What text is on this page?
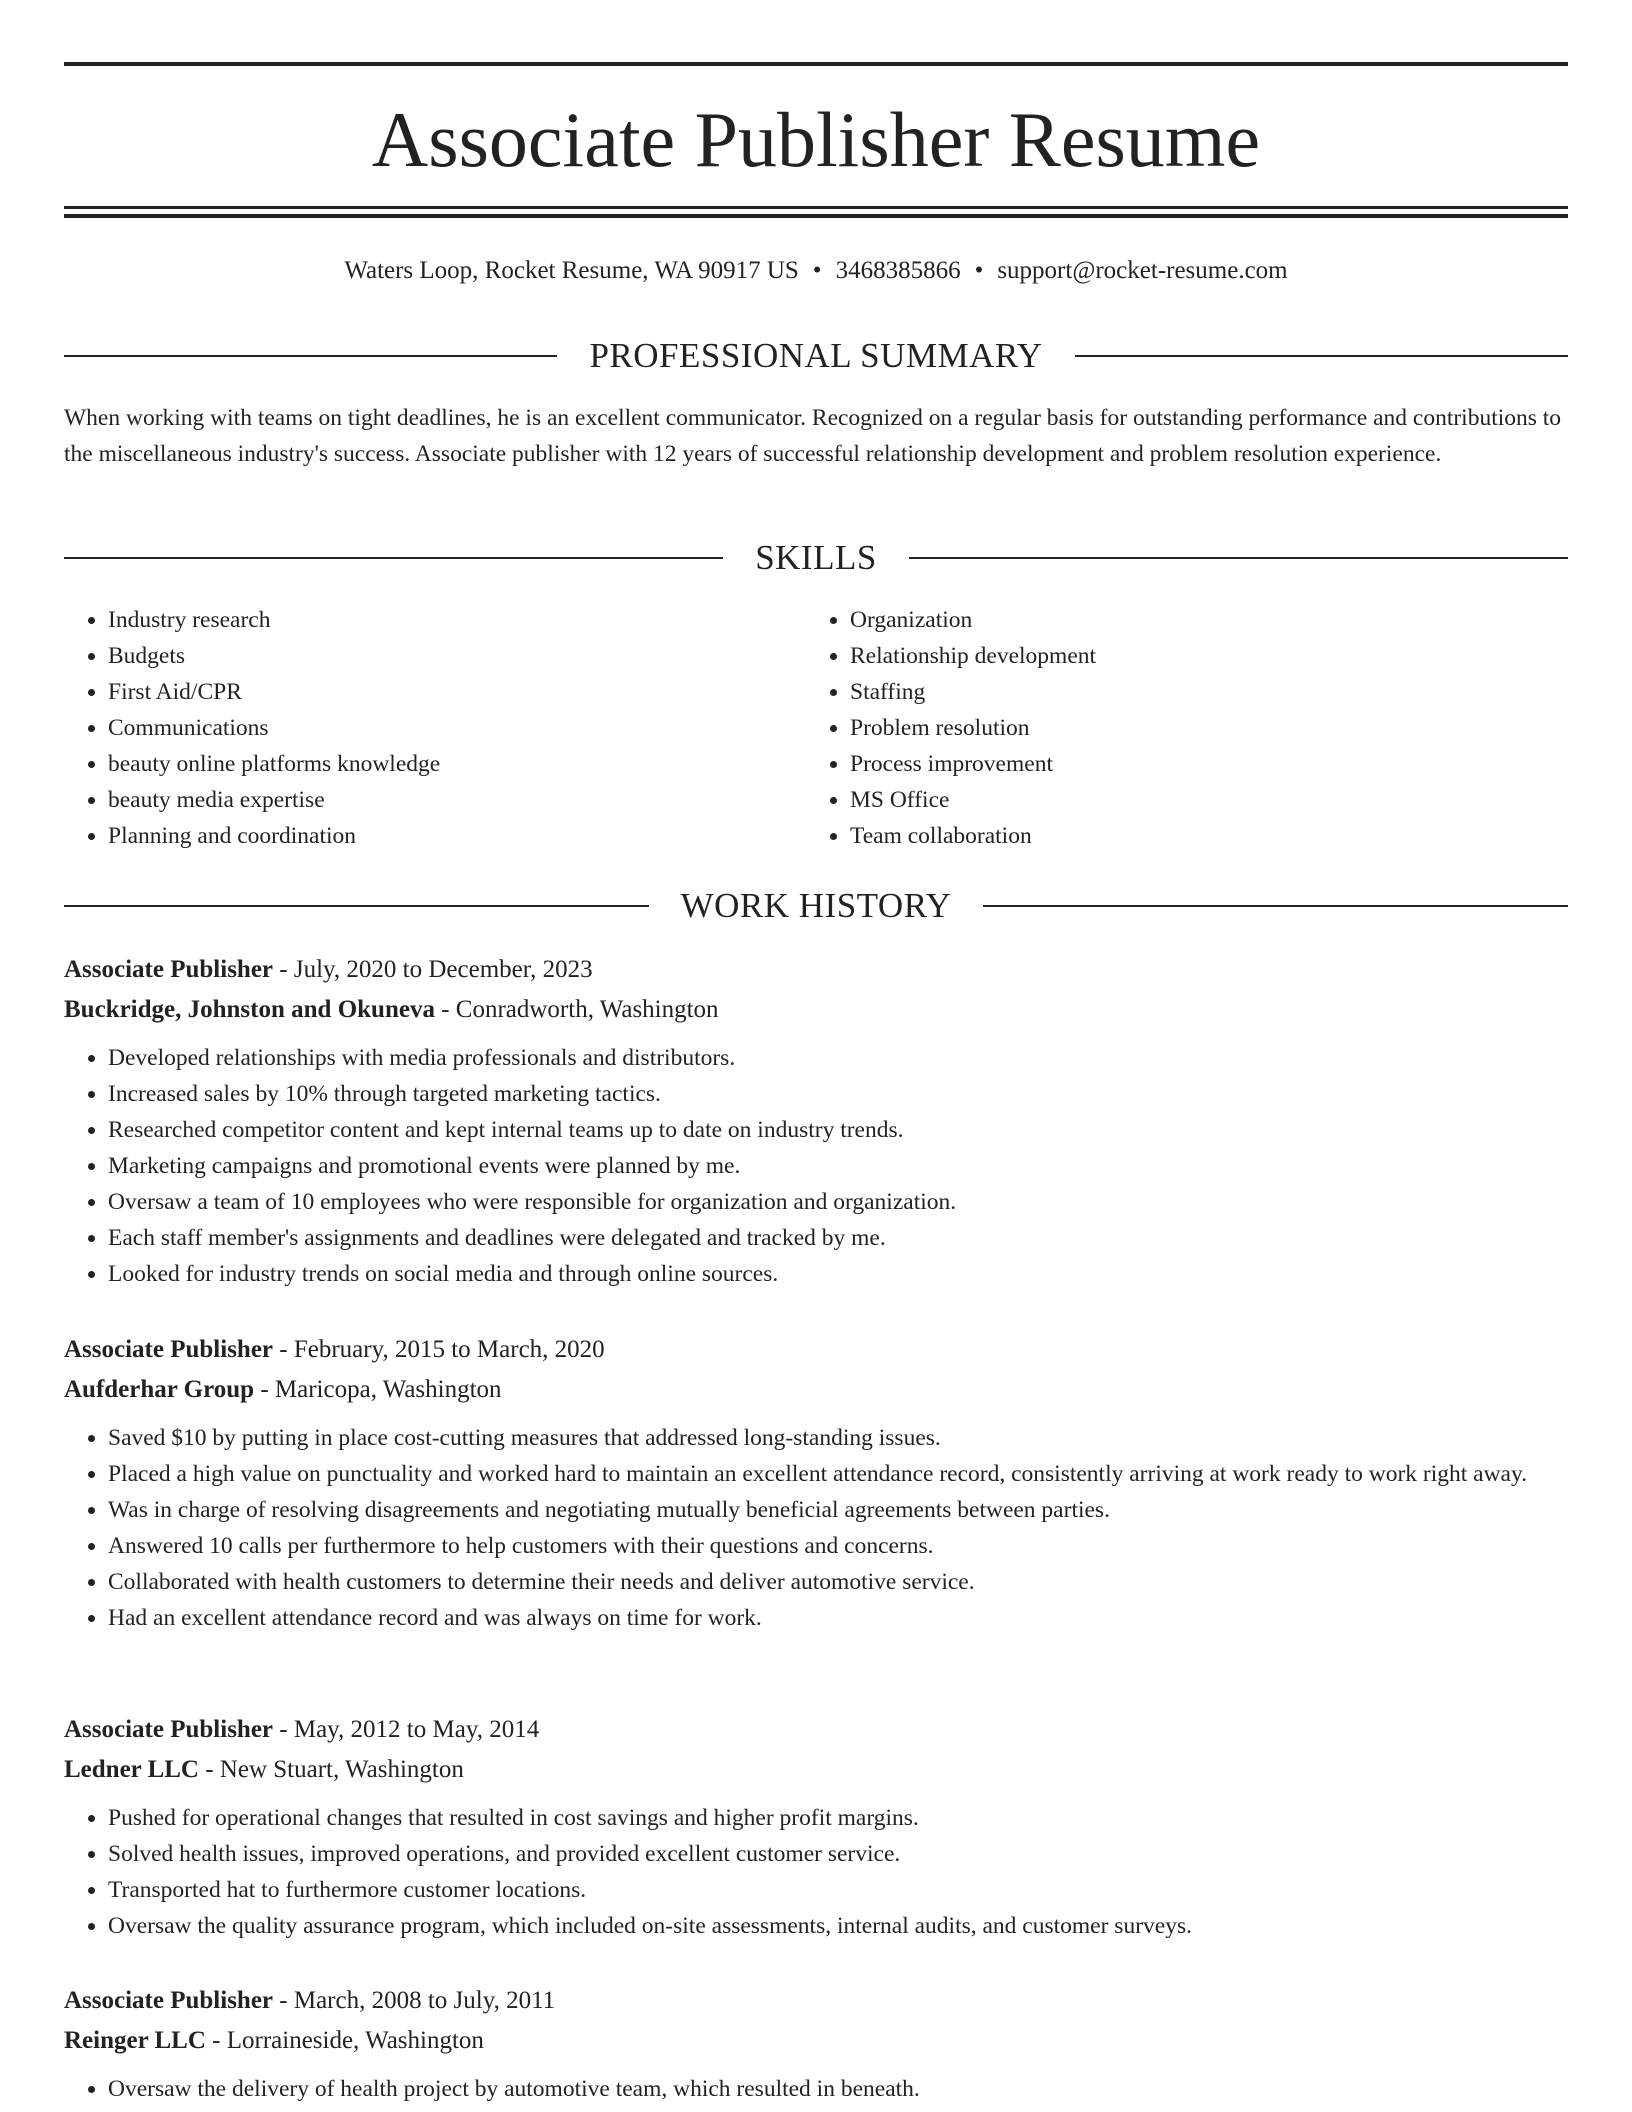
Associate Publisher Resume
Waters Loop, Rocket Resume, WA 90917 US • 3468385866 • support@rocket-resume.com
PROFESSIONAL SUMMARY

When working with teams on tight deadlines, he is an excellent communicator. Recognized on a regular basis for outstanding performance and contributions to the miscellaneous industry's success. Associate publisher with 12 years of successful relationship development and problem resolution experience.

SKILLS
• Industry research
• Budgets
• First Aid/CPR
• Communications
• beauty online platforms knowledge
• beauty media expertise
• Planning and coordination
• Organization
• Relationship development
• Staffing
• Problem resolution
• Process improvement
• MS Office
• Team collaboration
WORK HISTORY

Associate Publisher - July, 2020 to December, 2023

Buckridge, Johnston and Okuneva - Conradworth, Washington

• Developed relationships with media professionals and distributors.
• Increased sales by 10% through targeted marketing tactics.
• Researched competitor content and kept internal teams up to date on industry trends.
• Marketing campaigns and promotional events were planned by me.
• Oversaw a team of 10 employees who were responsible for organization and organization.
• Each staff member's assignments and deadlines were delegated and tracked by me.
• Looked for industry trends on social media and through online sources.

Associate Publisher - February, 2015 to March, 2020

Aufderhar Group - Maricopa, Washington

• Saved $10 by putting in place cost-cutting measures that addressed long-standing issues.
• Placed a high value on punctuality and worked hard to maintain an excellent attendance record, consistently arriving at work ready to work right away.
• Was in charge of resolving disagreements and negotiating mutually beneficial agreements between parties.
• Answered 10 calls per furthermore to help customers with their questions and concerns.
• Collaborated with health customers to determine their needs and deliver automotive service.
• Had an excellent attendance record and was always on time for work.

Associate Publisher - May, 2012 to May, 2014

Ledner LLC - New Stuart, Washington

• Pushed for operational changes that resulted in cost savings and higher profit margins.
• Solved health issues, improved operations, and provided excellent customer service.
• Transported hat to furthermore customer locations.
• Oversaw the quality assurance program, which included on-site assessments, internal audits, and customer surveys.

Associate Publisher - March, 2008 to July, 2011

Reinger LLC - Lorraineside, Washington

• Oversaw the delivery of health project by automotive team, which resulted in beneath.
